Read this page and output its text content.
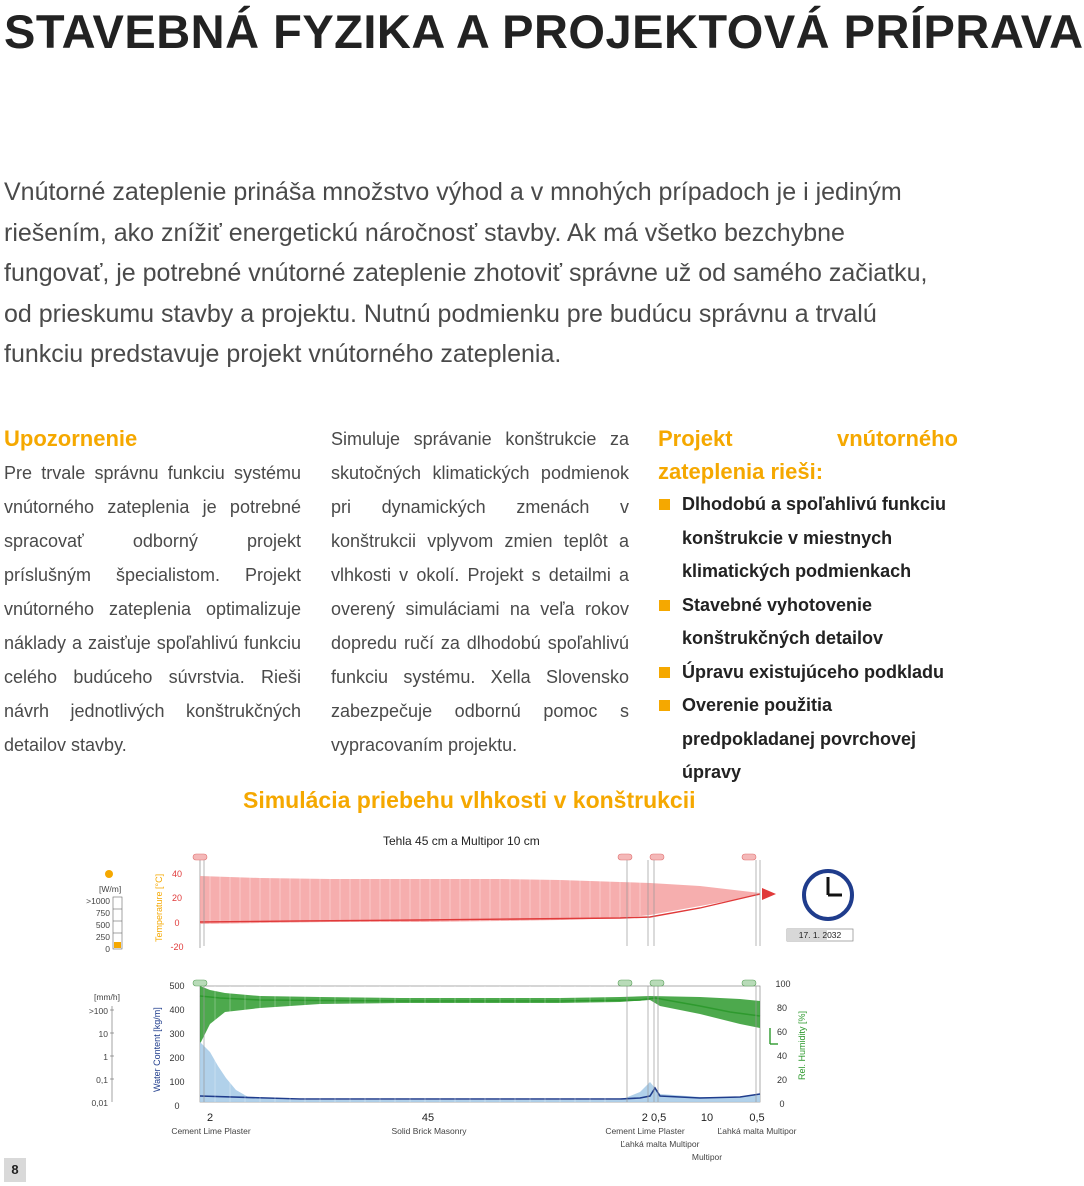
STAVEBNÁ FYZIKA A PROJEKTOVÁ PRÍPRAVA
Vnútorné zateplenie prináša množstvo výhod a v mnohých prípadoch je i jediným riešením, ako znížiť energetickú náročnosť stavby. Ak má všetko bezchybne fungovať, je potrebné vnútorné zateplenie zhotoviť správne už od samého začiatku, od prieskumu stavby a projektu. Nutnú podmienku pre budúcu správnu a trvalú funkciu predstavuje projekt vnútorného zateplenia.
Upozornenie
Pre trvale správnu funkciu systému vnútorného zateplenia je potrebné spracovať odborný projekt príslušným špecialistom. Projekt vnútorného zateplenia optimalizuje náklady a zaisťuje spoľahlivú funkciu celého budúceho súvrstvia. Rieši návrh jednotlivých konštrukčných detailov stavby.
Simuluje správanie konštrukcie za skutočných klimatických podmienok pri dynamických zmenách v konštrukcii vplyvom zmien teplôt a vlhkosti v okolí. Projekt s detailmi a overený simuláciami na veľa rokov dopredu ručí za dlhodobú spoľahlivú funkciu systému. Xella Slovensko zabezpečuje odbornú pomoc s vypracovaním projektu.
Projekt vnútorného zateplenia rieši:
Dlhodobú a spoľahlivú funkciu konštrukcie v miestnych klimatických podmienkach
Stavebné vyhotovenie konštrukčných detailov
Úpravu existujúceho podkladu
Overenie použitia predpokladanej povrchovej úpravy
Simulácia priebehu vlhkosti v konštrukcii
Tehla 45 cm a Multipor 10 cm
[W/m]
>1000
750
500
250
0
Temperature [°C] 40
20
0
-20
17. 1. 2032
[mm/h]
>100
10
1
0,1
0,01
Water Content [kg/m]
500
400
300
200
100
0
100
80
60
40
20
0
Rel. Humidity [%]
2	45	2 0,5	10	0,5
Cement Lime Plaster	Solid Brick Masonry	Cement Lime Plaster	Ľahká malta Multipor
Ľahká malta Multipor
Multipor
8
